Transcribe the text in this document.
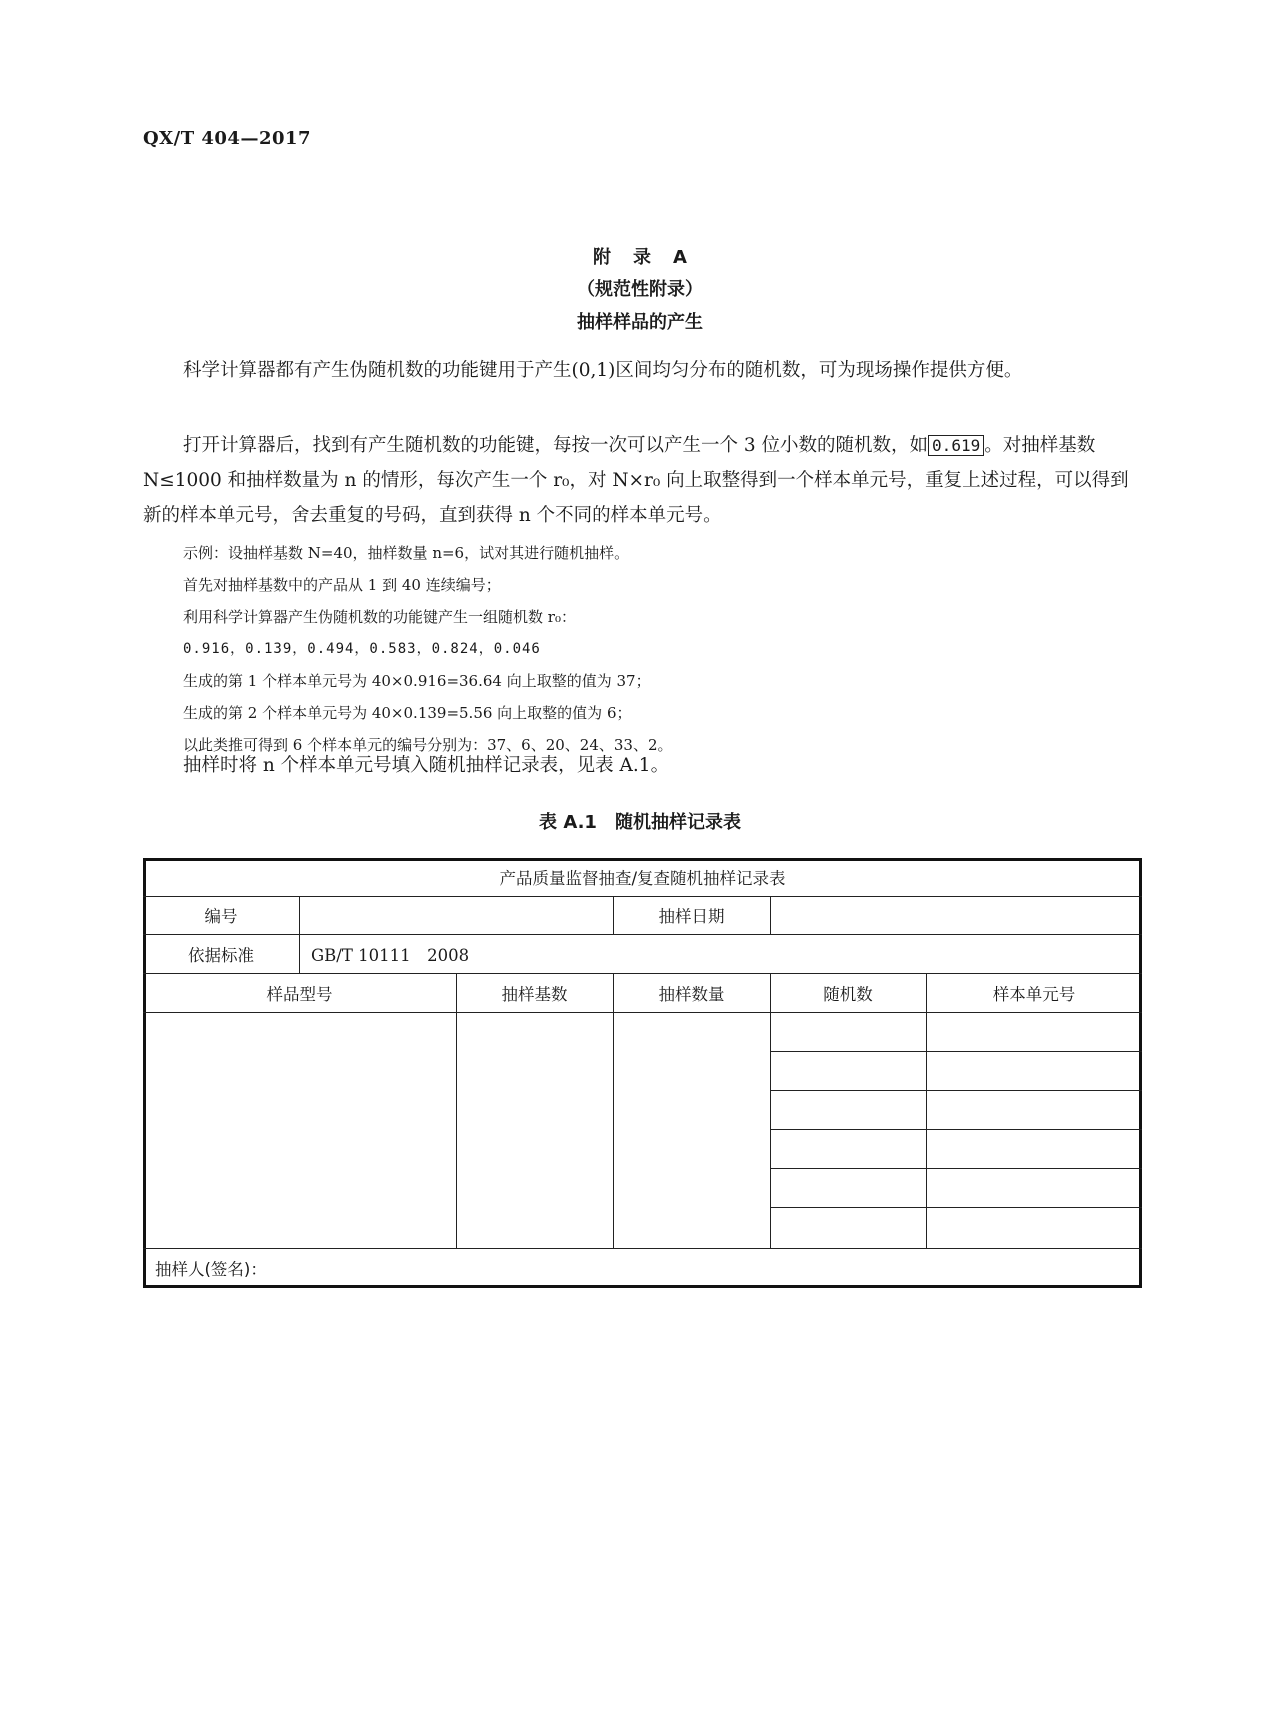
QX/T 404—2017
附录A
（规范性附录）
抽样样品的产生
科学计算器都有产生伪随机数的功能键用于产生(0,1)区间均匀分布的随机数，可为现场操作提供方便。
打开计算器后，找到有产生随机数的功能键，每按一次可以产生一个 3 位小数的随机数，如 0.619 。对抽样基数 N≤1000 和抽样数量为 n 的情形，每次产生一个 r₀，对 N×r₀ 向上取整得到一个样本单元号，重复上述过程，可以得到新的样本单元号，舍去重复的号码，直到获得 n 个不同的样本单元号。
示例：设抽样基数 N=40，抽样数量 n=6，试对其进行随机抽样。
首先对抽样基数中的产品从 1 到 40 连续编号；
利用科学计算器产生伪随机数的功能键产生一组随机数 r₀：
0.916，0.139，0.494，0.583，0.824，0.046
生成的第 1 个样本单元号为 40×0.916=36.64 向上取整的值为 37；
生成的第 2 个样本单元号为 40×0.139=5.56 向上取整的值为 6；
以此类推可得到 6 个样本单元的编号分别为：37、6、20、24、33、2。
抽样时将 n 个样本单元号填入随机抽样记录表，见表 A.1。
表 A.1　随机抽样记录表
产品质量监督抽查/复查随机抽样记录表
编号	抽样日期
依据标准	GB/T 10111　2008
样品型号	抽样基数	抽样数量	随机数	样本单元号
抽样人(签名)：
